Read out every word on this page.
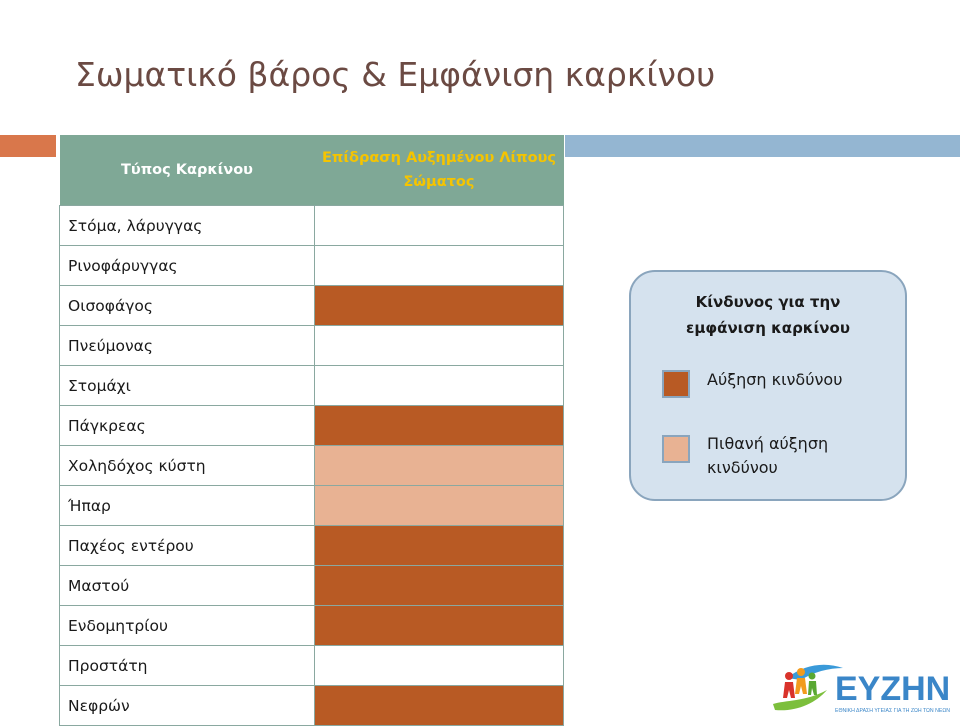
Σωματικό βάρος & Εμφάνιση καρκίνου
Τύπος Καρκίνου	Επίδραση Αυξημένου Λίπους Σώματος
Στόμα, λάρυγγας	
Ρινοφάρυγγας	
Οισοφάγος	
Πνεύμονας	
Στομάχι	
Πάγκρεας	
Χοληδόχος κύστη	
Ήπαρ	
Παχέος εντέρου	
Μαστού	
Ενδομητρίου	
Προστάτη	
Νεφρών	
Κίνδυνος για την
εμφάνιση καρκίνου
Αύξηση κινδύνου
Πιθανή αύξηση κινδύνου
ΕΥΖΗΝ
ΕΘΝΙΚΗ ΔΡΑΣΗ ΥΓΕΙΑΣ ΓΙΑ ΤΗ ΖΩΗ ΤΩΝ ΝΕΩΝ
